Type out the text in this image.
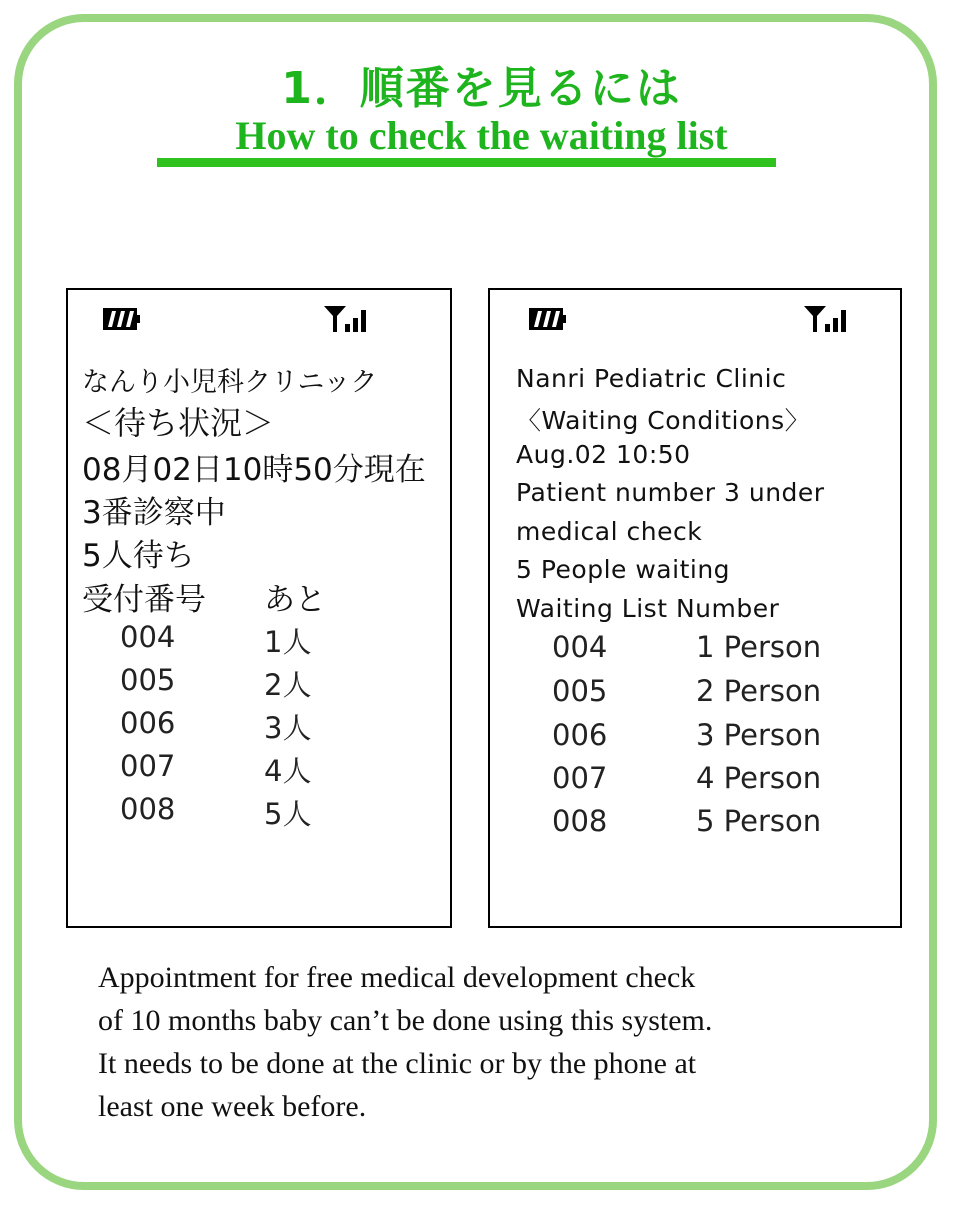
1．順番を見るには
How to check the waiting list
なんり小児科クリニック
＜待ち状況＞
08月02日10時50分現在
3番診察中
5人待ち
受付番号 あと
004	1人
005	2人
006	3人
007	4人
008	5人
Nanri Pediatric Clinic
〈Waiting Conditions〉
Aug.02 10:50
Patient number 3 under
medical check
5 People waiting
Waiting List Number
004	1 Person
005	2 Person
006	3 Person
007	4 Person
008	5 Person
Appointment for free medical development check
of 10 months baby can’t be done using this system.
It needs to be done at the clinic or by the phone at
least one week before.
